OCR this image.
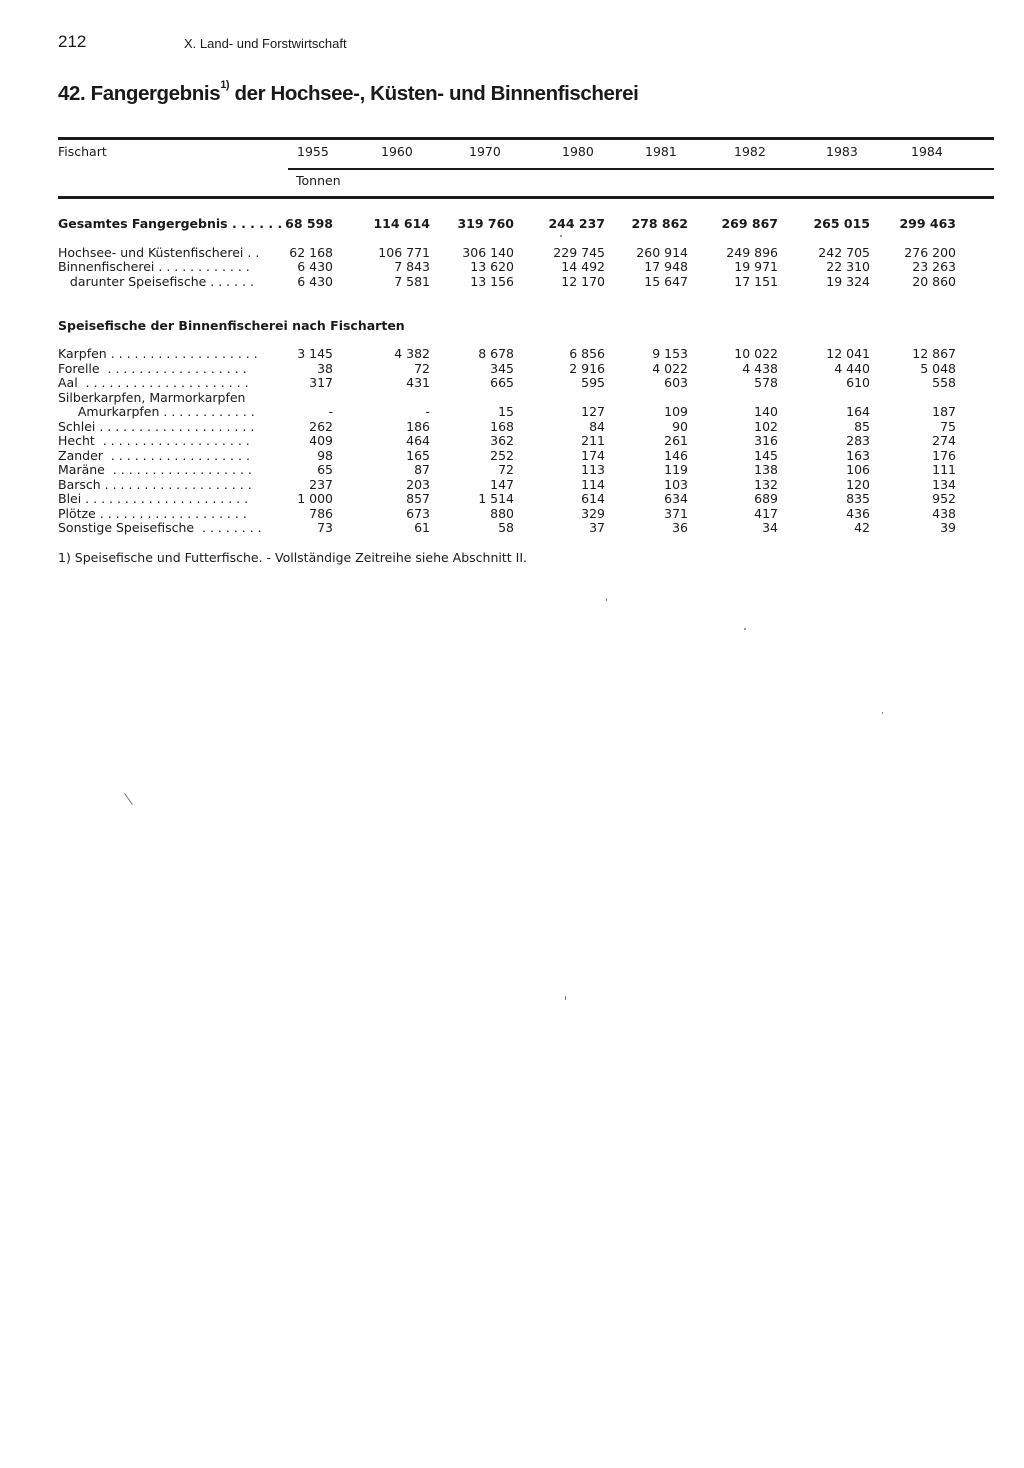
212	X. Land- und Forstwirtschaft
42. Fangergebnis$^{1)}$ der Hochsee-, Küsten- und Binnenfischerei
Fischart	1955	1960	1970	1980	1981	1982	1983	1984
Tonnen
Gesamtes Fangergebnis . . . . . . 68 598	114 614	319 760	244 237	278 862	269 867	265 015	299 463
Hochsee- und Küstenfischerei . .	62 168	106 771	306 140	229 745	260 914	249 896	242 705	276 200
Binnenfischerei . . . . . . . . . . . .	6 430	7 843	13 620	14 492	17 948	19 971	22 310	23 263
darunter Speisefische . . . . . .	6 430	7 581	13 156	12 170	15 647	17 151	19 324	20 860
Speisefische der Binnenfischerei nach Fischarten
Karpfen . . . . . . . . . . . . . . . . . . .	3 145	4 382	8 678	6 856	9 153	10 022	12 041	12 867
Forelle  . . . . . . . . . . . . . . . . . .	38	72	345	2 916	4 022	4 438	4 440	5 048
Aal  . . . . . . . . . . . . . . . . . . . . .	317	431	665	595	603	578	610	558
Silberkarpfen, Marmorkarpfen
Amurkarpfen . . . . . . . . . . . .	-	-	15	127	109	140	164	187
Schlei . . . . . . . . . . . . . . . . . . . .	262	186	168	84	90	102	85	75
Hecht  . . . . . . . . . . . . . . . . . . .	409	464	362	211	261	316	283	274
Zander  . . . . . . . . . . . . . . . . . .	98	165	252	174	146	145	163	176
Maräne  . . . . . . . . . . . . . . . . . .	65	87	72	113	119	138	106	111
Barsch . . . . . . . . . . . . . . . . . . .	237	203	147	114	103	132	120	134
Blei . . . . . . . . . . . . . . . . . . . . .	1 000	857	1 514	614	634	689	835	952
Plötze . . . . . . . . . . . . . . . . . . .	786	673	880	329	371	417	436	438
Sonstige Speisefische  . . . . . . . .	73	61	58	37	36	34	42	39
1) Speisefische und Futterfische. - Vollständige Zeitreihe siehe Abschnitt II.
